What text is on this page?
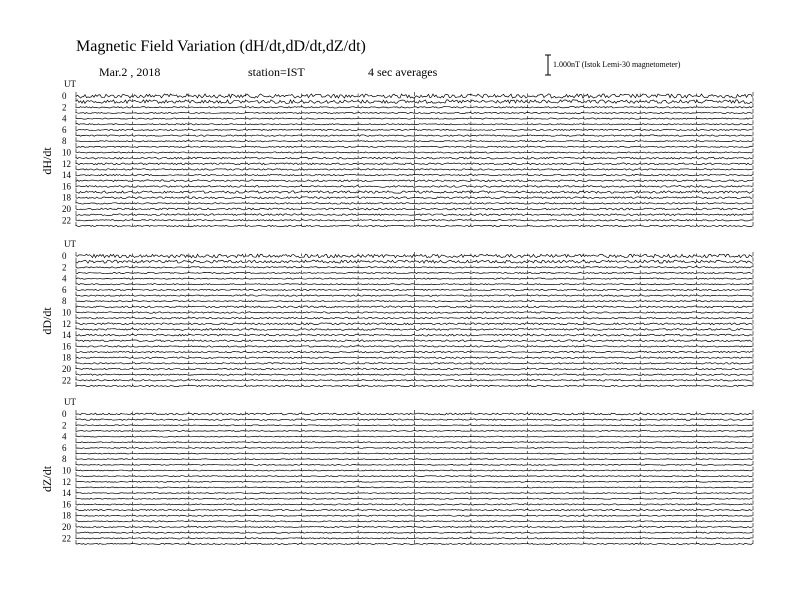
Magnetic Field Variation (dH/dt,dD/dt,dZ/dt)
Mar.2 , 2018	station=IST	4 sec averages
1.000nT (Istok Lemi-30 magnetometer)
UT
dH/dt
0
2
4
6
8
10
12
14
16
18
20
22
UT
dD/dt
0
2
4
6
8
10
12
14
16
18
20
22
UT
dZ/dt
0
2
4
6
8
10
12
14
16
18
20
22
